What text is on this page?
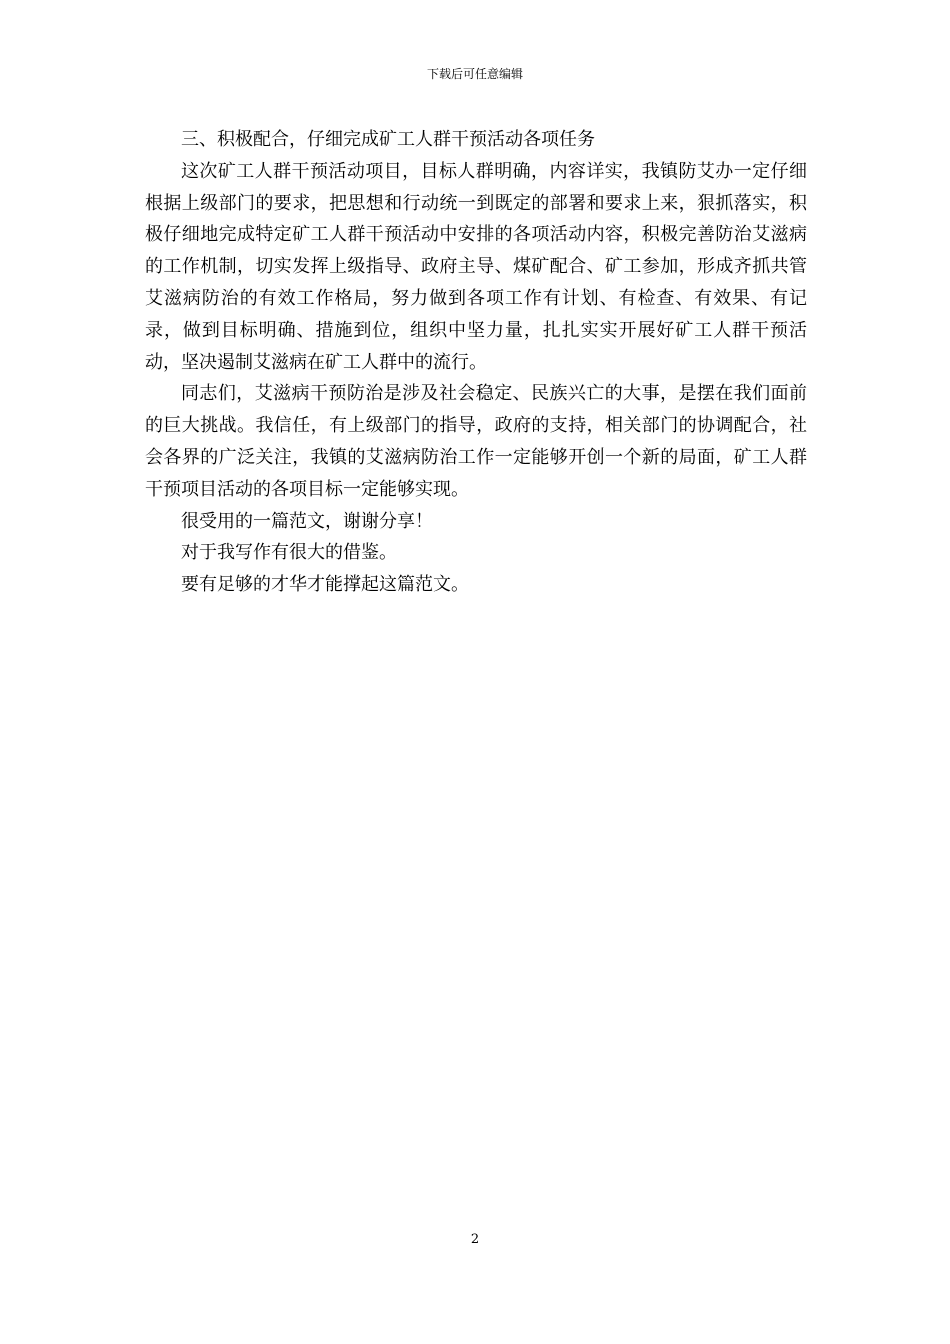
下载后可任意编辑

三、积极配合，仔细完成矿工人群干预活动各项任务

这次矿工人群干预活动项目，目标人群明确，内容详实，我镇防艾办一定仔细根据上级部门的要求，把思想和行动统一到既定的部署和要求上来，狠抓落实，积极仔细地完成特定矿工人群干预活动中安排的各项活动内容，积极完善防治艾滋病的工作机制，切实发挥上级指导、政府主导、煤矿配合、矿工参加，形成齐抓共管艾滋病防治的有效工作格局，努力做到各项工作有计划、有检查、有效果、有记录，做到目标明确、措施到位，组织中坚力量，扎扎实实开展好矿工人群干预活动，坚决遏制艾滋病在矿工人群中的流行。

同志们，艾滋病干预防治是涉及社会稳定、民族兴亡的大事，是摆在我们面前的巨大挑战。我信任，有上级部门的指导，政府的支持，相关部门的协调配合，社会各界的广泛关注，我镇的艾滋病防治工作一定能够开创一个新的局面，矿工人群干预项目活动的各项目标一定能够实现。

很受用的一篇范文，谢谢分享！

对于我写作有很大的借鉴。

要有足够的才华才能撑起这篇范文。

2
